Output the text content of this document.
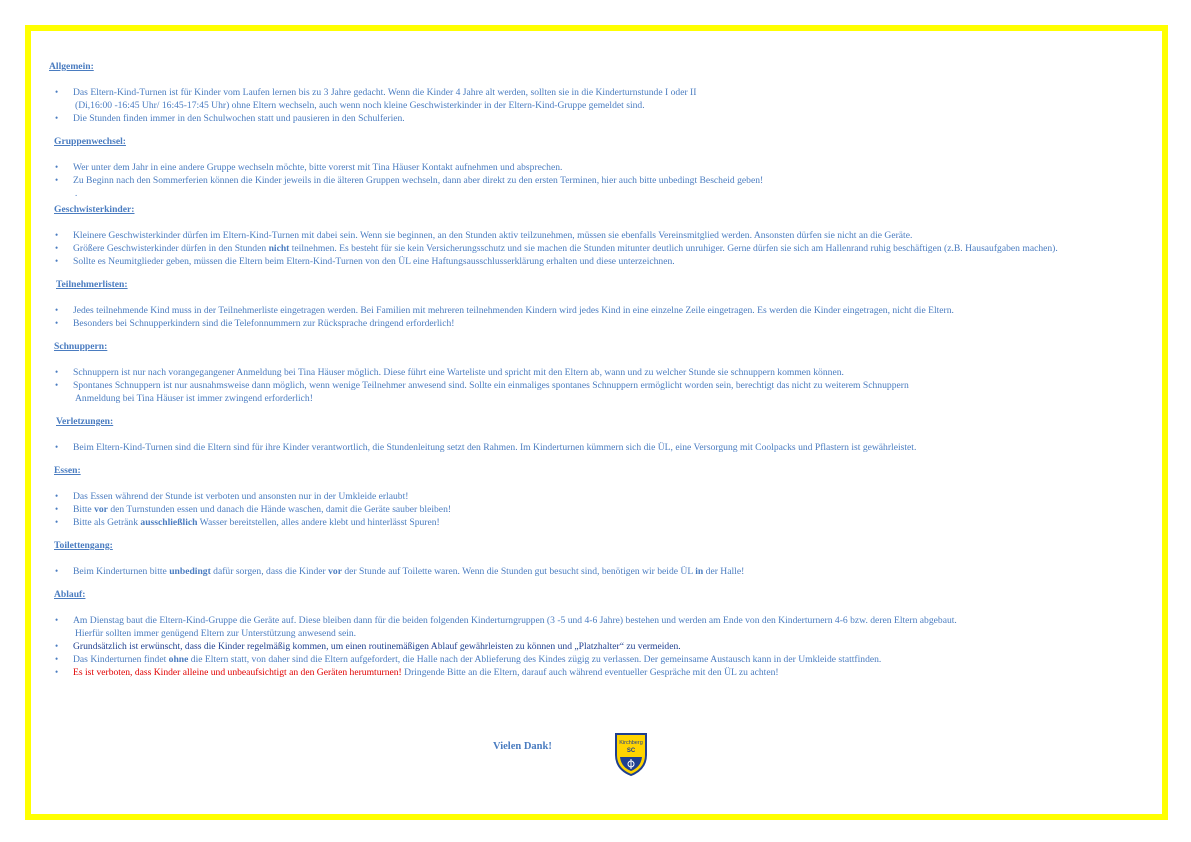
Allgemein:
• Das Eltern-Kind-Turnen ist für Kinder vom Laufen lernen bis zu 3 Jahre gedacht. Wenn die Kinder 4 Jahre alt werden, sollten sie in die Kinderturnstunde I oder II
(Di,16:00 -16:45 Uhr/ 16:45-17:45 Uhr) ohne Eltern wechseln, auch wenn noch kleine Geschwisterkinder in der Eltern-Kind-Gruppe gemeldet sind.
• Die Stunden finden immer in den Schulwochen statt und pausieren in den Schulferien.
Gruppenwechsel:
• Wer unter dem Jahr in eine andere Gruppe wechseln möchte, bitte vorerst mit Tina Häuser Kontakt aufnehmen und absprechen.
• Zu Beginn nach den Sommerferien können die Kinder jeweils in die älteren Gruppen wechseln, dann aber direkt zu den ersten Terminen, hier auch bitte unbedingt Bescheid geben!
.
Geschwisterkinder:
• Kleinere Geschwisterkinder dürfen im Eltern-Kind-Turnen mit dabei sein. Wenn sie beginnen, an den Stunden aktiv teilzunehmen, müssen sie ebenfalls Vereinsmitglied werden. Ansonsten dürfen sie nicht an die Geräte.
• Größere Geschwisterkinder dürfen in den Stunden nicht teilnehmen. Es besteht für sie kein Versicherungsschutz und sie machen die Stunden mitunter deutlich unruhiger. Gerne dürfen sie sich am Hallenrand ruhig beschäftigen (z.B. Hausaufgaben machen).
• Sollte es Neumitglieder geben, müssen die Eltern beim Eltern-Kind-Turnen von den ÜL eine Haftungsausschlusserklärung erhalten und diese unterzeichnen.
Teilnehmerlisten:
• Jedes teilnehmende Kind muss in der Teilnehmerliste eingetragen werden. Bei Familien mit mehreren teilnehmenden Kindern wird jedes Kind in eine einzelne Zeile eingetragen. Es werden die Kinder eingetragen, nicht die Eltern.
• Besonders bei Schnupperkindern sind die Telefonnummern zur Rücksprache dringend erforderlich!
Schnuppern:
• Schnuppern ist nur nach vorangegangener Anmeldung bei Tina Häuser möglich. Diese führt eine Warteliste und spricht mit den Eltern ab, wann und zu welcher Stunde sie schnuppern kommen können.
• Spontanes Schnuppern ist nur ausnahmsweise dann möglich, wenn wenige Teilnehmer anwesend sind. Sollte ein einmaliges spontanes Schnuppern ermöglicht worden sein, berechtigt das nicht zu weiterem Schnuppern
Anmeldung bei Tina Häuser ist immer zwingend erforderlich!
Verletzungen:
• Beim Eltern-Kind-Turnen sind die Eltern sind für ihre Kinder verantwortlich, die Stundenleitung setzt den Rahmen. Im Kinderturnen kümmern sich die ÜL, eine Versorgung mit Coolpacks und Pflastern ist gewährleistet.
Essen:
• Das Essen während der Stunde ist verboten und ansonsten nur in der Umkleide erlaubt!
• Bitte vor den Turnstunden essen und danach die Hände waschen, damit die Geräte sauber bleiben!
• Bitte als Getränk ausschließlich Wasser bereitstellen, alles andere klebt und hinterlässt Spuren!
Toilettengang:
• Beim Kinderturnen bitte unbedingt dafür sorgen, dass die Kinder vor der Stunde auf Toilette waren. Wenn die Stunden gut besucht sind, benötigen wir beide ÜL in der Halle!
Ablauf:
• Am Dienstag baut die Eltern-Kind-Gruppe die Geräte auf. Diese bleiben dann für die beiden folgenden Kinderturngruppen (3 -5 und 4-6 Jahre) bestehen und werden am Ende von den Kinderturnern 4-6 bzw. deren Eltern abgebaut.
Hierfür sollten immer genügend Eltern zur Unterstützung anwesend sein.
• Grundsätzlich ist erwünscht, dass die Kinder regelmäßig kommen, um einen routinemäßigen Ablauf gewährleisten zu können und „Platzhalter“ zu vermeiden.
• Das Kinderturnen findet ohne die Eltern statt, von daher sind die Eltern aufgefordert, die Halle nach der Ablieferung des Kindes zügig zu verlassen. Der gemeinsame Austausch kann in der Umkleide stattfinden.
• Es ist verboten, dass Kinder alleine und unbeaufsichtigt an den Geräten herumturnen! Dringende Bitte an die Eltern, darauf auch während eventueller Gespräche mit den ÜL zu achten!
Vielen Dank!	Kirchberg
SC
